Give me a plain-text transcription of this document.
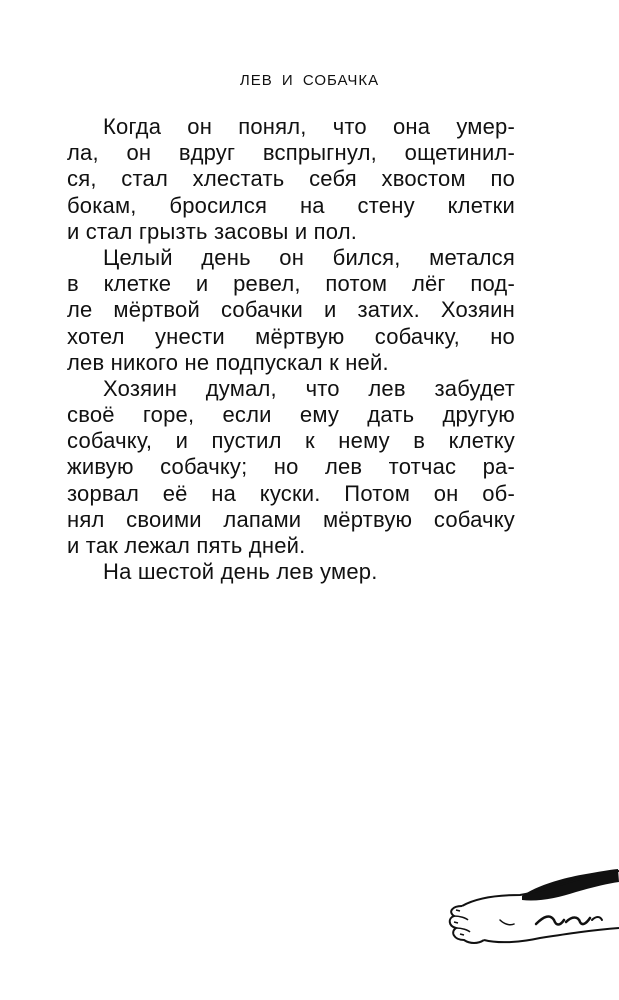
ЛЕВ И СОБАЧКА
Когда он понял, что она умер-
ла, он вдруг вспрыгнул, ощетинил-
ся, стал хлестать себя хвостом по
бокам, бросился на стену клетки
и стал грызть засовы и пол.
Целый день он бился, метался
в клетке и ревел, потом лёг под-
ле мёртвой собачки и затих. Хозяин
хотел унести мёртвую собачку, но
лев никого не подпускал к ней.
Хозяин думал, что лев забудет
своё горе, если ему дать другую
собачку, и пустил к нему в клетку
живую собачку; но лев тотчас ра-
зорвал её на куски. Потом он об-
нял своими лапами мёртвую собачку
и так лежал пять дней.
На шестой день лев умер.
